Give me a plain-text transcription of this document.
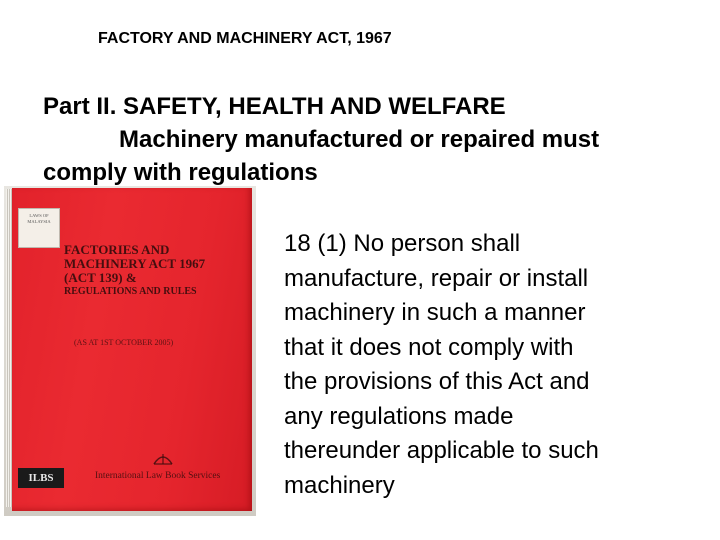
FACTORY AND MACHINERY ACT, 1967
Part II. SAFETY, HEALTH AND WELFARE
Machinery manufactured or repaired must
comply with regulations
LAWS OF MALAYSIA
FACTORIES AND
MACHINERY ACT 1967
(ACT 139) &
REGULATIONS AND RULES
(AS AT 1ST OCTOBER 2005)
ILBS	International Law Book Services
18 (1) No person shall
manufacture, repair or install
machinery in such a manner
that it does not comply with
the provisions of this Act and
any regulations made
thereunder applicable to such
machinery
